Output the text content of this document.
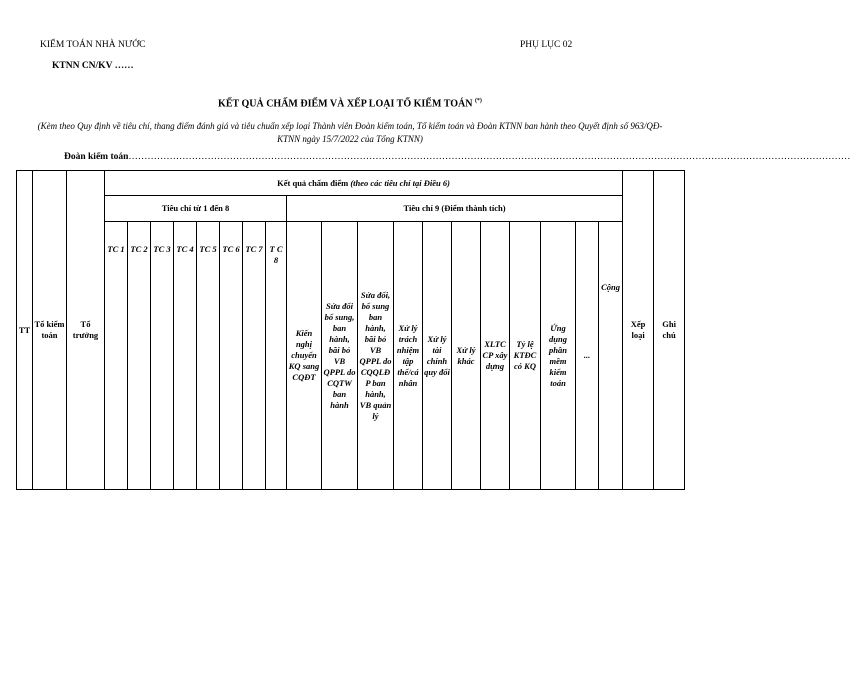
KIỂM TOÁN NHÀ NƯỚC
KTNN CN/KV ……
PHỤ LỤC 02
KẾT QUẢ CHẤM ĐIỂM VÀ XẾP LOẠI TỔ KIỂM TOÁN (*)
(Kèm theo Quy định về tiêu chí, thang điểm đánh giá và tiêu chuẩn xếp loại Thành viên Đoàn kiểm toán, Tổ kiểm toán và Đoàn KTNN ban hành theo Quyết định số 963/QĐ-KTNN ngày 15/7/2022 của Tổng KTNN)
Đoàn kiểm toán…………………………………………………………………………………………………………………………………………………………………………………………………………
TT	Tổ kiểm toán	Tổ trưởng	Kết quả chấm điểm (theo các tiêu chí tại Điều 6)																			Xếp loại	Ghi chú
			Tiêu chí từ 1 đến 8								Tiêu chí 9 (Điểm thành tích)												
			TC 1	TC 2	TC 3	TC 4	TC 5	TC 6	TC 7	T C 8	Kiến nghị chuyển KQ sang CQĐT	Sửa đổi bổ sung, ban hành, bãi bỏ VB QPPL do CQTW ban hành	Sửa đổi, bổ sung ban hành, bãi bỏ VB QPPL do CQQLĐP ban hành, VB quản lý	Xử lý trách nhiệm tập thể/cá nhân	Xử lý tài chính quy đổi	Xử lý khác	XLTC CP xây dựng	Tỷ lệ KTĐC có KQ	Ứng dụng phần mềm kiểm toán	...	Cộng		
